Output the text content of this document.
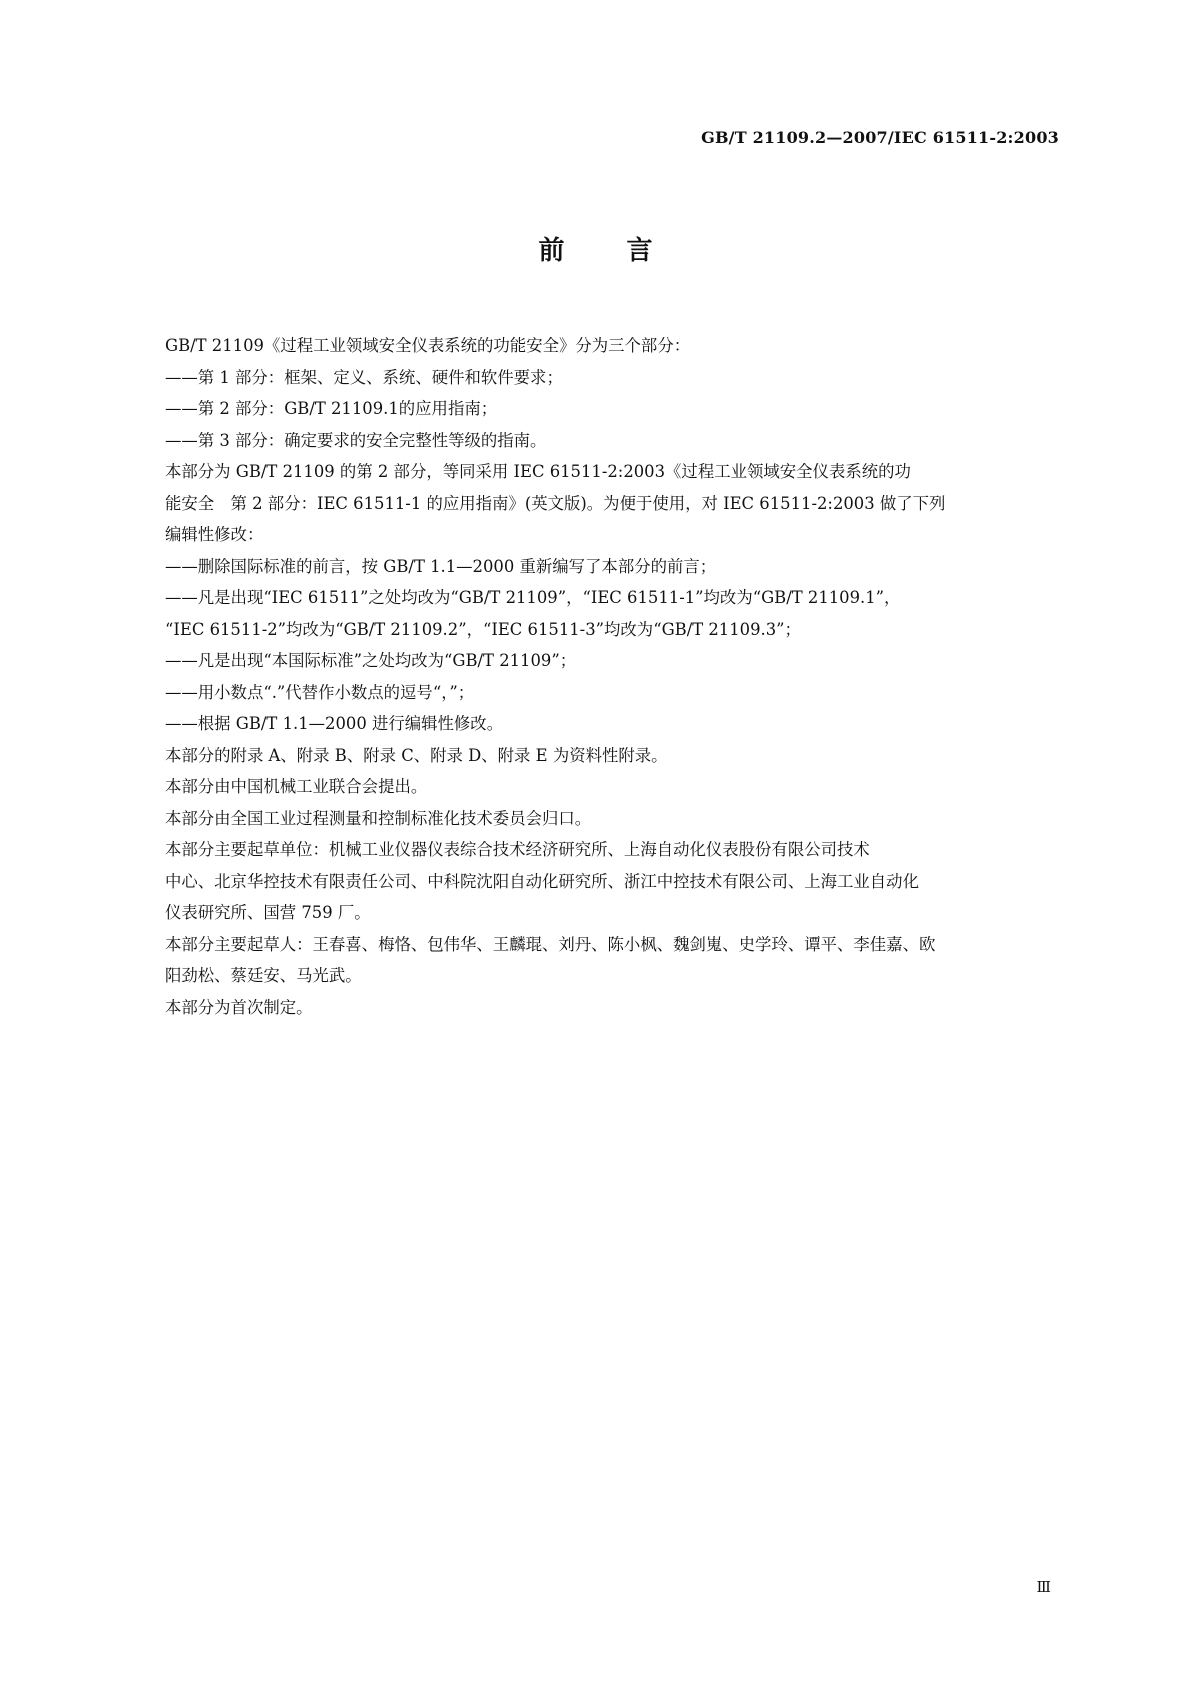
GB/T 21109.2—2007/IEC 61511-2:2003
前 言

GB/T 21109《过程工业领域安全仪表系统的功能安全》分为三个部分：

——第 1 部分：框架、定义、系统、硬件和软件要求；

——第 2 部分：GB/T 21109.1的应用指南；

——第 3 部分：确定要求的安全完整性等级的指南。

本部分为 GB/T 21109 的第 2 部分，等同采用 IEC 61511-2:2003《过程工业领域安全仪表系统的功
能安全　第 2 部分：IEC 61511-1 的应用指南》(英文版)。为便于使用，对 IEC 61511-2:2003 做了下列
编辑性修改：

——删除国际标准的前言，按 GB/T 1.1—2000 重新编写了本部分的前言；

——凡是出现“IEC 61511”之处均改为“GB/T 21109”，“IEC 61511-1”均改为“GB/T 21109.1”，
“IEC 61511-2”均改为“GB/T 21109.2”，“IEC 61511-3”均改为“GB/T 21109.3”；

——凡是出现“本国际标准”之处均改为“GB/T 21109”；

——用小数点“.”代替作小数点的逗号“，”；

——根据 GB/T 1.1—2000 进行编辑性修改。

本部分的附录 A、附录 B、附录 C、附录 D、附录 E 为资料性附录。

本部分由中国机械工业联合会提出。

本部分由全国工业过程测量和控制标准化技术委员会归口。

本部分主要起草单位：机械工业仪器仪表综合技术经济研究所、上海自动化仪表股份有限公司技术
中心、北京华控技术有限责任公司、中科院沈阳自动化研究所、浙江中控技术有限公司、上海工业自动化
仪表研究所、国营 759 厂。

本部分主要起草人：王春喜、梅恪、包伟华、王麟琨、刘丹、陈小枫、魏剑嵬、史学玲、谭平、李佳嘉、欧
阳劲松、蔡廷安、马光武。

本部分为首次制定。

Ⅲ
